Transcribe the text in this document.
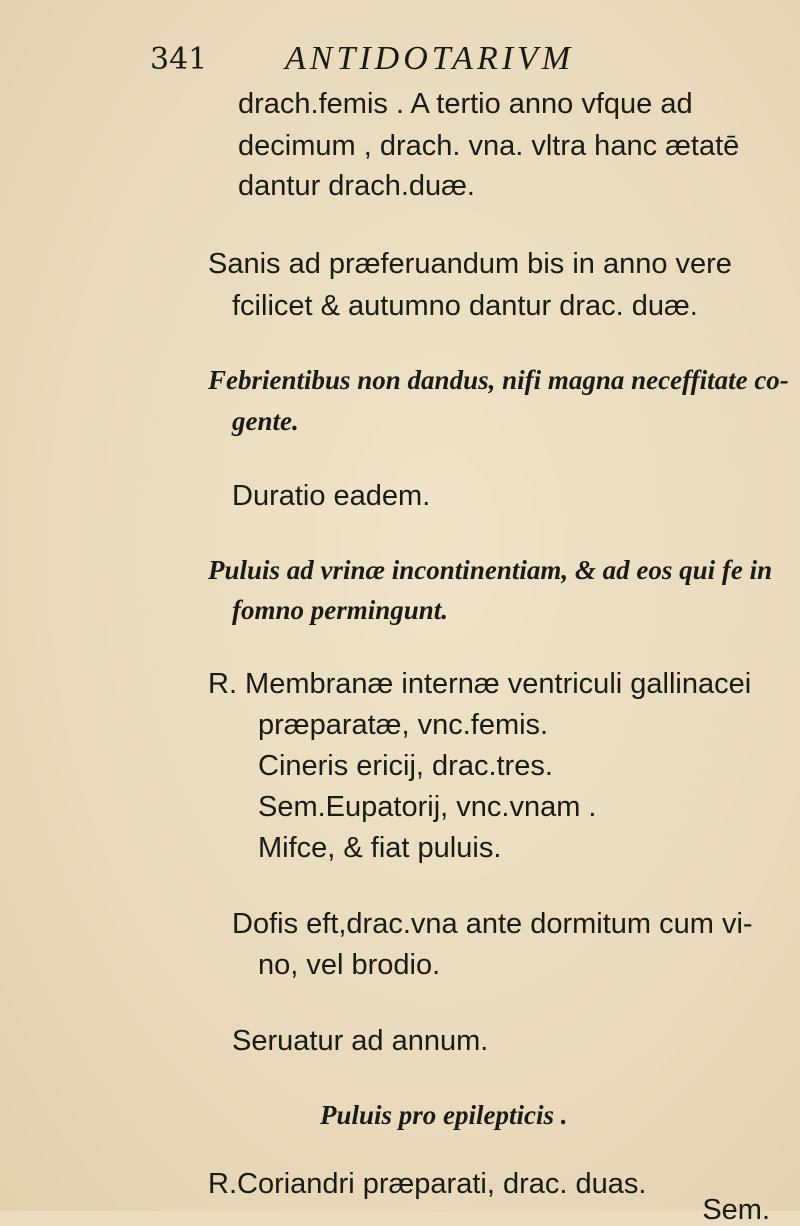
341 ANTIDOTARIVM

drach.femis . A tertio anno vfque ad

decimum , drach. vna. vltra hanc ætatē

dantur drach.duæ.

Sanis ad præferuandum bis in anno vere

fcilicet & autumno dantur drac. duæ.

Febrientibus non dandus, nifi magna neceffitate co-

gente.

Duratio eadem.

Puluis ad vrinæ incontinentiam, & ad eos qui fe in

fomno permingunt.

R. Membranæ internæ ventriculi gallinacei

præparatæ, vnc.femis.

Cineris ericij, drac.tres.

Sem.Eupatorij, vnc.vnam .

Mifce, & fiat puluis.

Dofis eft,drac.vna ante dormitum cum vi-

no, vel brodio.

Seruatur ad annum.

Puluis pro epilepticis .

R.Coriandri præparati, drac. duas.

Sem.
